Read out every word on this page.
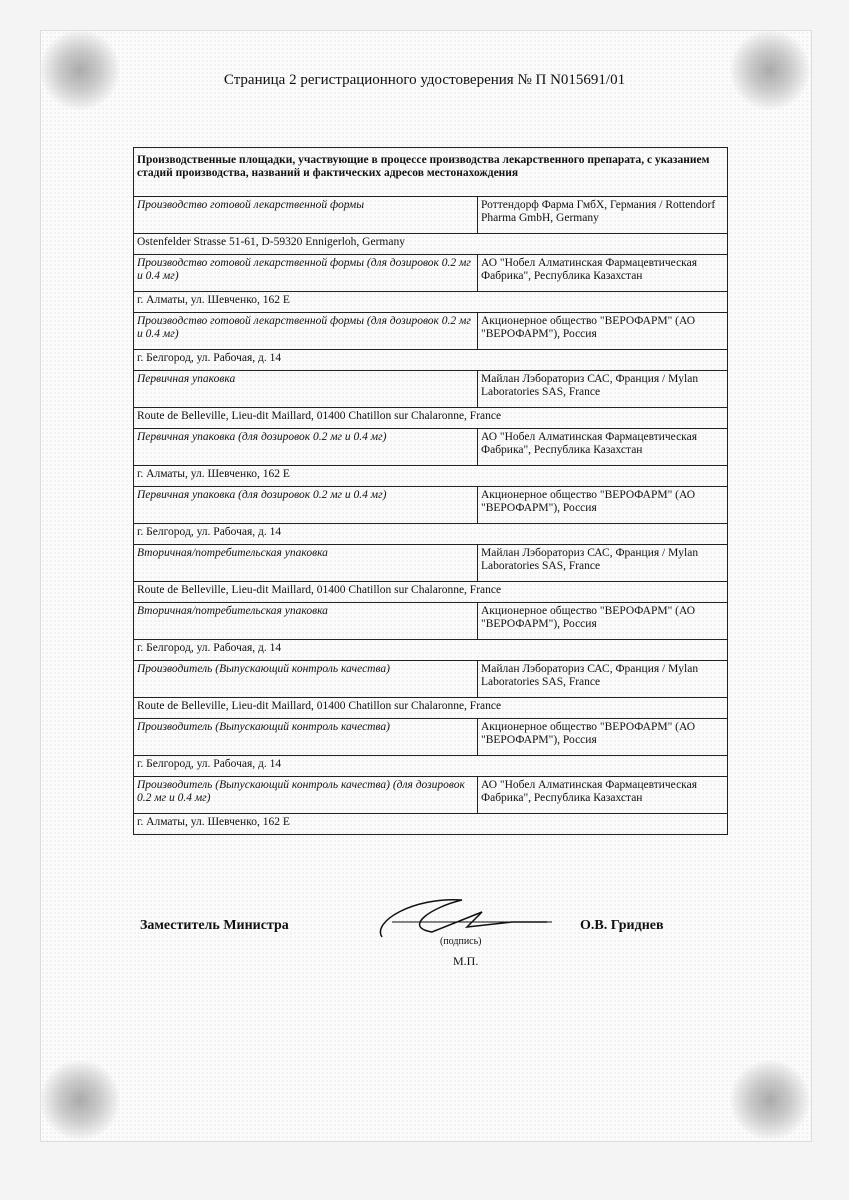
Страница 2 регистрационного удостоверения № П N015691/01
Производственные площадки, участвующие в процессе производства лекарственного препарата, с указанием стадий производства, названий и фактических адресов местонахождения	
Производство готовой лекарственной формы	Роттендорф Фарма ГмбХ, Германия / Rottendorf Pharma GmbH, Germany
Ostenfelder Strasse 51-61, D-59320 Ennigerloh, Germany	
Производство готовой лекарственной формы (для дозировок 0.2 мг и 0.4 мг)	АО "Нобел Алматинская Фармацевтическая Фабрика", Республика Казахстан
г. Алматы, ул. Шевченко, 162 Е	
Производство готовой лекарственной формы (для дозировок 0.2 мг и 0.4 мг)	Акционерное общество "ВЕРОФАРМ" (АО "ВЕРОФАРМ"), Россия
г. Белгород, ул. Рабочая, д. 14	
Первичная упаковка	Майлан Лэбораториз САС, Франция / Mylan Laboratories SAS, France
Route de Belleville, Lieu-dit Maillard, 01400 Chatillon sur Chalaronne, France	
Первичная упаковка (для дозировок 0.2 мг и 0.4 мг)	АО "Нобел Алматинская Фармацевтическая Фабрика", Республика Казахстан
г. Алматы, ул. Шевченко, 162 Е	
Первичная упаковка (для дозировок 0.2 мг и 0.4 мг)	Акционерное общество "ВЕРОФАРМ" (АО "ВЕРОФАРМ"), Россия
г. Белгород, ул. Рабочая, д. 14	
Вторичная/потребительская упаковка	Майлан Лэбораториз САС, Франция / Mylan Laboratories SAS, France
Route de Belleville, Lieu-dit Maillard, 01400 Chatillon sur Chalaronne, France	
Вторичная/потребительская упаковка	Акционерное общество "ВЕРОФАРМ" (АО "ВЕРОФАРМ"), Россия
г. Белгород, ул. Рабочая, д. 14	
Производитель (Выпускающий контроль качества)	Майлан Лэбораториз САС, Франция / Mylan Laboratories SAS, France
Route de Belleville, Lieu-dit Maillard, 01400 Chatillon sur Chalaronne, France	
Производитель (Выпускающий контроль качества)	Акционерное общество "ВЕРОФАРМ" (АО "ВЕРОФАРМ"), Россия
г. Белгород, ул. Рабочая, д. 14	
Производитель (Выпускающий контроль качества) (для дозировок 0.2 мг и 0.4 мг)	АО "Нобел Алматинская Фармацевтическая Фабрика", Республика Казахстан
г. Алматы, ул. Шевченко, 162 Е	
Заместитель Министра
(подпись)
М.П.
О.В. Гриднев
